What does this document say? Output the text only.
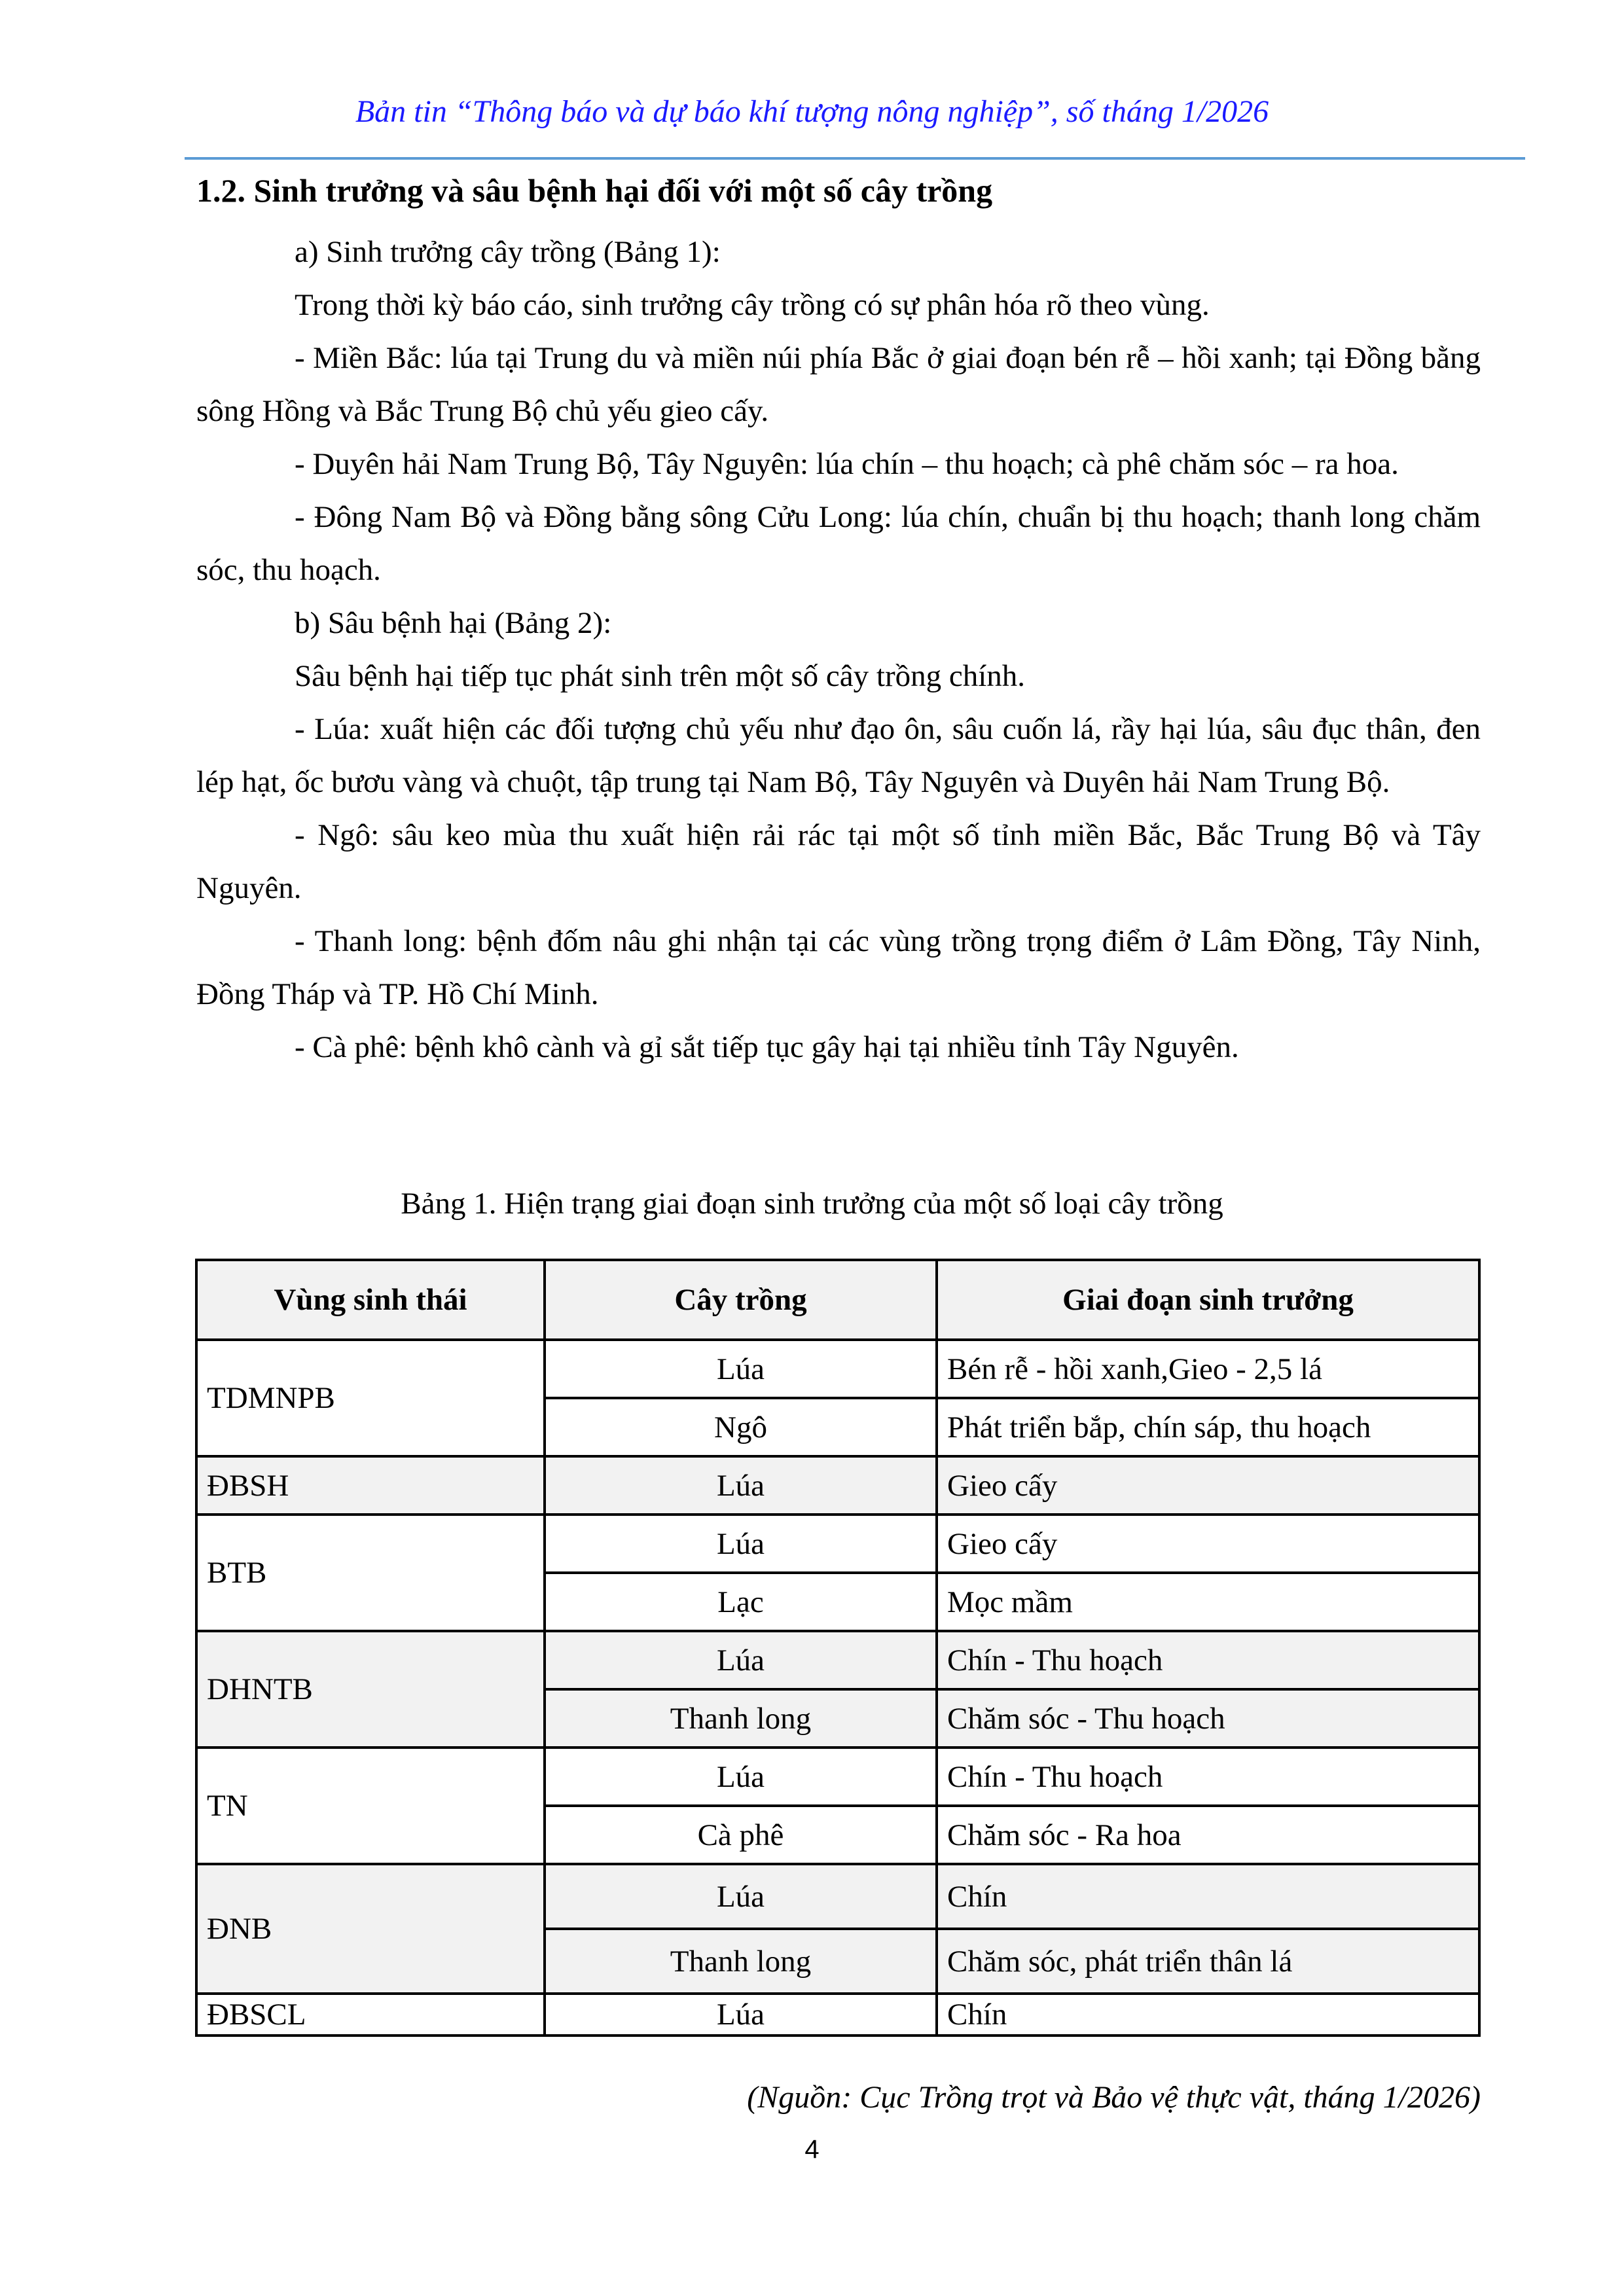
Bản tin “Thông báo và dự báo khí tượng nông nghiệp”, số tháng 1/2026
1.2. Sinh trưởng và sâu bệnh hại đối với một số cây trồng

a) Sinh trưởng cây trồng (Bảng 1):

Trong thời kỳ báo cáo, sinh trưởng cây trồng có sự phân hóa rõ theo vùng.

- Miền Bắc: lúa tại Trung du và miền núi phía Bắc ở giai đoạn bén rễ – hồi xanh; tại Đồng bằng sông Hồng và Bắc Trung Bộ chủ yếu gieo cấy.

- Duyên hải Nam Trung Bộ, Tây Nguyên: lúa chín – thu hoạch; cà phê chăm sóc – ra hoa.

- Đông Nam Bộ và Đồng bằng sông Cửu Long: lúa chín, chuẩn bị thu hoạch; thanh long chăm sóc, thu hoạch.

b) Sâu bệnh hại (Bảng 2):

Sâu bệnh hại tiếp tục phát sinh trên một số cây trồng chính.

- Lúa: xuất hiện các đối tượng chủ yếu như đạo ôn, sâu cuốn lá, rầy hại lúa, sâu đục thân, đen lép hạt, ốc bươu vàng và chuột, tập trung tại Nam Bộ, Tây Nguyên và Duyên hải Nam Trung Bộ.

- Ngô: sâu keo mùa thu xuất hiện rải rác tại một số tỉnh miền Bắc, Bắc Trung Bộ và Tây Nguyên.

- Thanh long: bệnh đốm nâu ghi nhận tại các vùng trồng trọng điểm ở Lâm Đồng, Tây Ninh, Đồng Tháp và TP. Hồ Chí Minh.

- Cà phê: bệnh khô cành và gỉ sắt tiếp tục gây hại tại nhiều tỉnh Tây Nguyên.

Bảng 1. Hiện trạng giai đoạn sinh trưởng của một số loại cây trồng
Vùng sinh thái	Cây trồng	Giai đoạn sinh trưởng
TDMNPB	Lúa	Bén rễ - hồi xanh,Gieo - 2,5 lá
	Ngô	Phát triển bắp, chín sáp, thu hoạch
ĐBSH	Lúa	Gieo cấy
BTB	Lúa	Gieo cấy
	Lạc	Mọc mầm
DHNTB	Lúa	Chín - Thu hoạch
	Thanh long	Chăm sóc - Thu hoạch
TN	Lúa	Chín - Thu hoạch
	Cà phê	Chăm sóc - Ra hoa
ĐNB	Lúa	Chín
	Thanh long	Chăm sóc, phát triển thân lá
ĐBSCL	Lúa	Chín
(Nguồn: Cục Trồng trọt và Bảo vệ thực vật, tháng 1/2026)
4
